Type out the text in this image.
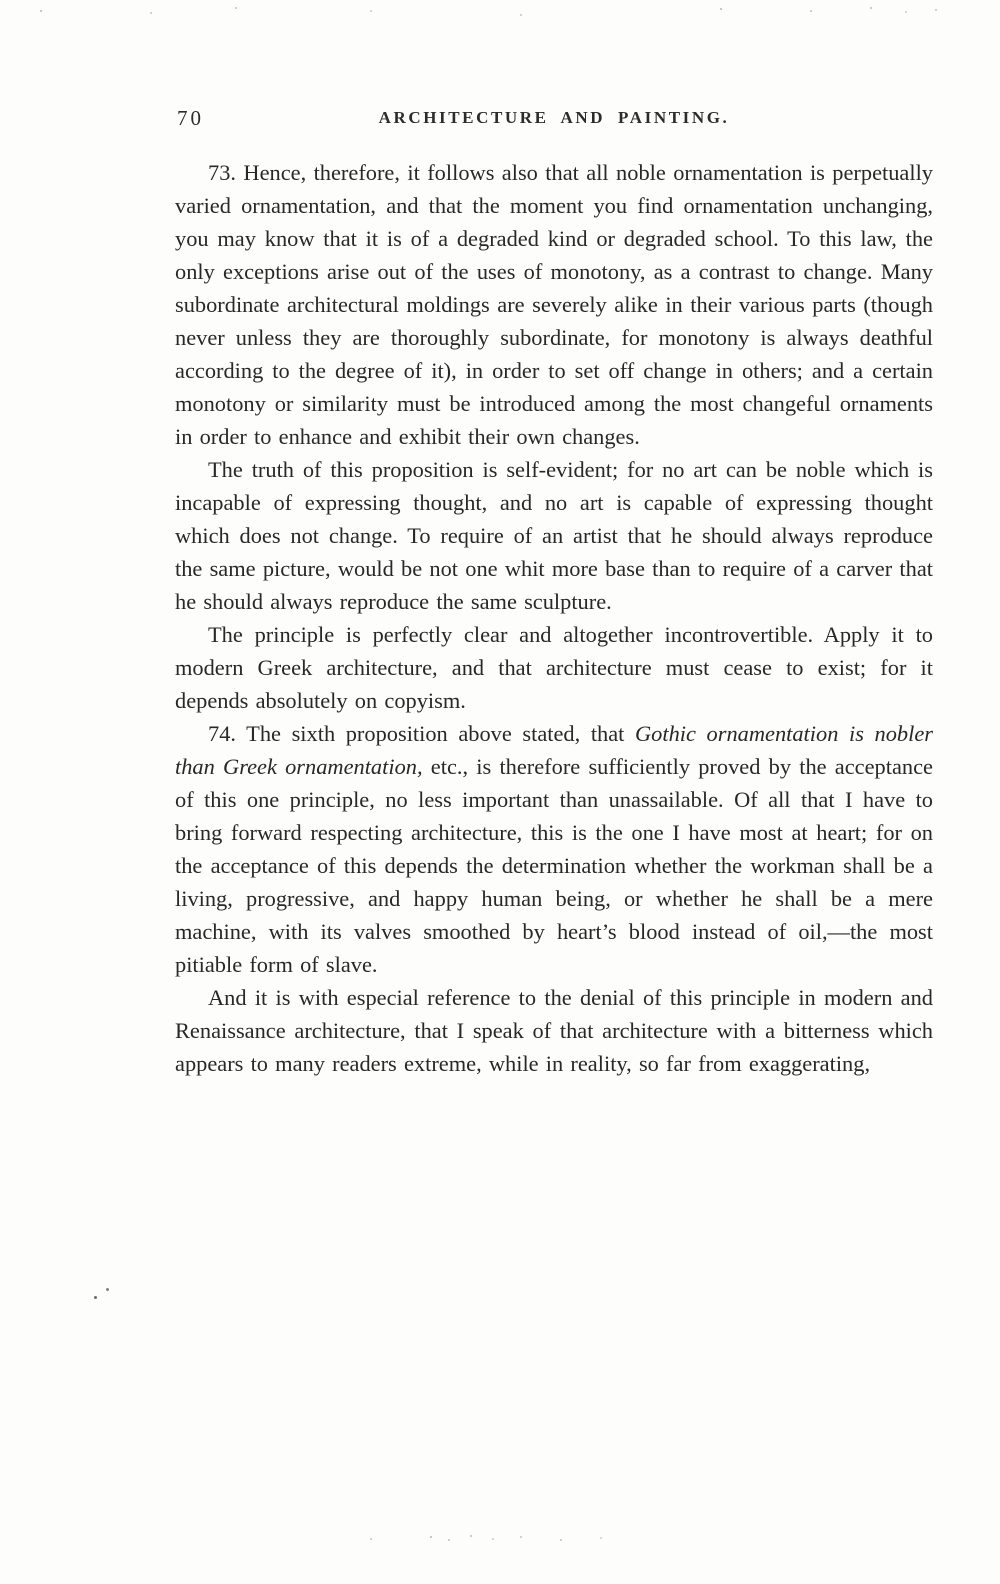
70	ARCHITECTURE AND PAINTING.

73. Hence, therefore, it follows also that all noble ornamentation is perpetually varied ornamentation, and that the moment you find ornamentation unchanging, you may know that it is of a degraded kind or degraded school. To this law, the only exceptions arise out of the uses of monotony, as a contrast to change. Many subordinate architectural moldings are severely alike in their various parts (though never unless they are thoroughly subordinate, for monotony is always deathful according to the degree of it), in order to set off change in others; and a certain monotony or similarity must be introduced among the most changeful ornaments in order to enhance and exhibit their own changes.

The truth of this proposition is self-evident; for no art can be noble which is incapable of expressing thought, and no art is capable of expressing thought which does not change. To require of an artist that he should always reproduce the same picture, would be not one whit more base than to require of a carver that he should always reproduce the same sculpture.

The principle is perfectly clear and altogether incontrovertible. Apply it to modern Greek architecture, and that architecture must cease to exist; for it depends absolutely on copyism.

74. The sixth proposition above stated, that Gothic ornamentation is nobler than Greek ornamentation, etc., is therefore sufficiently proved by the acceptance of this one principle, no less important than unassailable. Of all that I have to bring forward respecting architecture, this is the one I have most at heart; for on the acceptance of this depends the determination whether the workman shall be a living, progressive, and happy human being, or whether he shall be a mere machine, with its valves smoothed by heart’s blood instead of oil,—the most pitiable form of slave.

And it is with especial reference to the denial of this principle in modern and Renaissance architecture, that I speak of that architecture with a bitterness which appears to many readers extreme, while in reality, so far from exaggerating,
